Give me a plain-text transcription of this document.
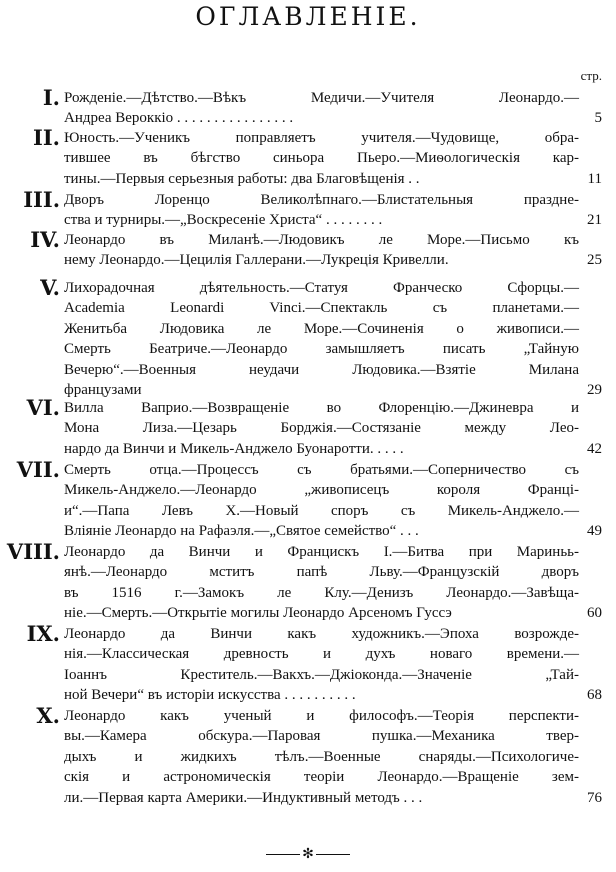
ОГЛАВЛЕНІЕ.
стр.
I. Рожденіе.—Дѣтство.—Вѣкъ Медичи.—Учителя Леонардо.—
Андреа Вероккіо . . . . . . . . . . . . . . . .	5
II. Юность.—Ученикъ поправляетъ учителя.—Чудовище, обра-
тившее въ бѣгство синьора Пьеро.—Миѳологическія кар-
тины.—Первыя серьезныя работы: два Благовѣщенія . .	11
III. Дворъ Лоренцо Великолѣпнаго.—Блистательныя праздне-
ства и турниры.—„Воскресеніе Христа“ . . . . . . . .	21
IV. Леонардо въ Миланѣ.—Людовикъ ле Море.—Письмо къ
нему Леонардо.—Цецилія Галлерани.—Лукреція Кривелли.	25
V. Лихорадочная дѣятельность.—Статуя Франческо Сфорцы.—
Academia Leonardi Vinci.—Спектакль съ планетами.—
Женитьба Людовика ле Море.—Сочиненія о живописи.—
Смерть Беатриче.—Леонардо замышляетъ писать „Тайную
Вечерю“.—Военныя неудачи Людовика.—Взятіе Милана
французами	29
VI. Вилла Ваприо.—Возвращеніе во Флоренцію.—Джиневра и
Мона Лиза.—Цезарь Борджія.—Состязаніе между Лео-
нардо да Винчи и Микель-Анджело Буонаротти. . . . .	42
VII. Смерть отца.—Процессъ съ братьями.—Соперничество съ
Микель-Анджело.—Леонардо „живописецъ короля Франці-
и“.—Папа Левъ X.—Новый споръ съ Микель-Анджело.—
Вліяніе Леонардо на Рафаэля.—„Святое семейство“ . . .	49
VIII. Леонардо да Винчи и Францискъ I.—Битва при Мариньь-
янѣ.—Леонардо мститъ папѣ Льву.—Французскій дворъ
въ 1516 г.—Замокъ ле Клу.—Денизъ Леонардо.—Завѣща-
ніе.—Смерть.—Открытіе могилы Леонардо Арсеномъ Гуссэ	60
IX. Леонардо да Винчи какъ художникъ.—Эпоха возрожде-
нія.—Классическая древность и духъ новаго времени.—
Іоаннъ Креститель.—Вакхъ.—Джіоконда.—Значеніе „Тай-
ной Вечери“ въ исторіи искусства . . . . . . . . . .	68
X. Леонардо какъ ученый и философъ.—Теорія перспекти-
вы.—Камера обскура.—Паровая пушка.—Механика твер-
дыхъ и жидкихъ тѣлъ.—Военные снаряды.—Психологиче-
скія и астрономическія теоріи Леонардо.—Вращеніе зем-
ли.—Первая карта Америки.—Индуктивный методъ . . .	76
✻
